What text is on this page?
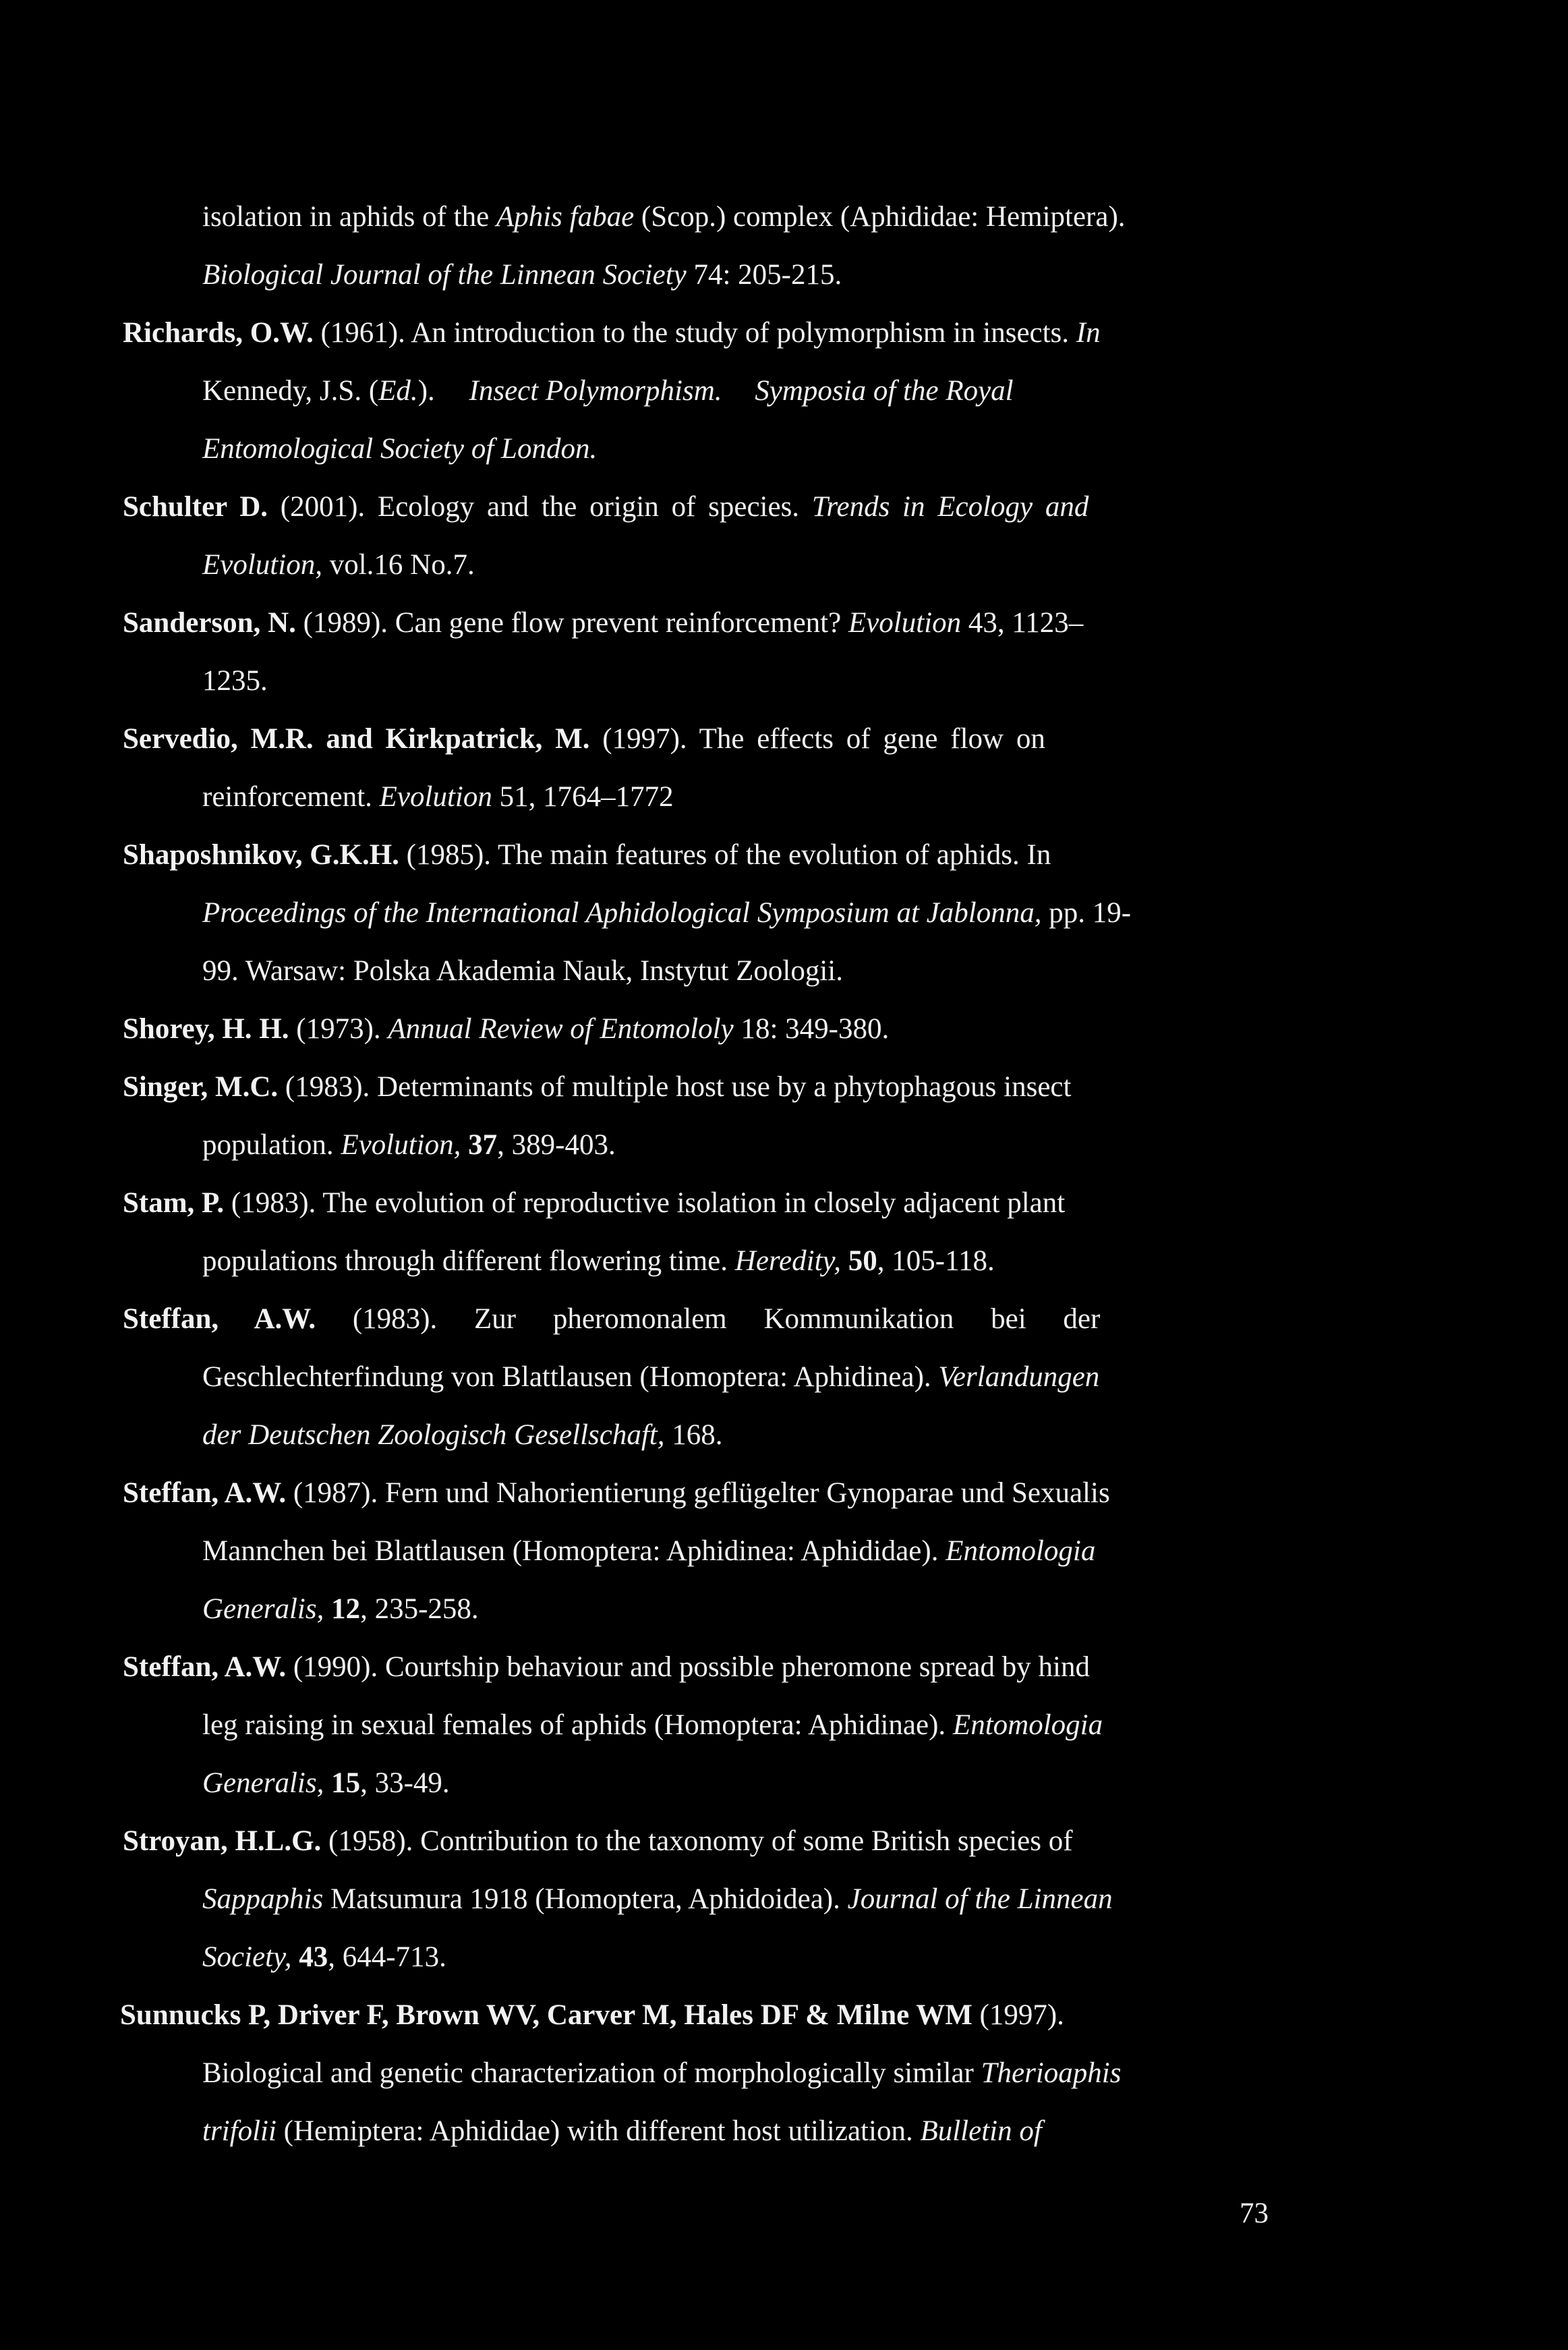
isolation in aphids of the Aphis fabae (Scop.) complex (Aphididae: Hemiptera).
Biological Journal of the Linnean Society 74: 205-215.
Richards, O.W. (1961). An introduction to the study of polymorphism in insects. In
Kennedy, J.S. (Ed.). Insect Polymorphism. Symposia of the Royal
Entomological Society of London.
Schulter D. (2001). Ecology and the origin of species. Trends in Ecology and
Evolution, vol.16 No.7.
Sanderson, N. (1989). Can gene flow prevent reinforcement? Evolution 43, 1123–
1235.
Servedio, M.R. and Kirkpatrick, M. (1997). The effects of gene flow on
reinforcement. Evolution 51, 1764–1772
Shaposhnikov, G.K.H. (1985). The main features of the evolution of aphids. In
Proceedings of the International Aphidological Symposium at Jablonna, pp. 19-
99. Warsaw: Polska Akademia Nauk, Instytut Zoologii.
Shorey, H. H. (1973). Annual Review of Entomololy 18: 349-380.
Singer, M.C. (1983). Determinants of multiple host use by a phytophagous insect
population. Evolution, 37, 389-403.
Stam, P. (1983). The evolution of reproductive isolation in closely adjacent plant
populations through different flowering time. Heredity, 50, 105-118.
Steffan, A.W. (1983). Zur pheromonalem Kommunikation bei der
Geschlechterfindung von Blattlausen (Homoptera: Aphidinea). Verlandungen
der Deutschen Zoologisch Gesellschaft, 168.
Steffan, A.W. (1987). Fern und Nahorientierung geflügelter Gynoparae und Sexualis
Mannchen bei Blattlausen (Homoptera: Aphidinea: Aphididae). Entomologia
Generalis, 12, 235-258.
Steffan, A.W. (1990). Courtship behaviour and possible pheromone spread by hind
leg raising in sexual females of aphids (Homoptera: Aphidinae). Entomologia
Generalis, 15, 33-49.
Stroyan, H.L.G. (1958). Contribution to the taxonomy of some British species of
Sappaphis Matsumura 1918 (Homoptera, Aphidoidea). Journal of the Linnean
Society, 43, 644-713.
Sunnucks P, Driver F, Brown WV, Carver M, Hales DF & Milne WM (1997).
Biological and genetic characterization of morphologically similar Therioaphis
trifolii (Hemiptera: Aphididae) with different host utilization. Bulletin of
73
